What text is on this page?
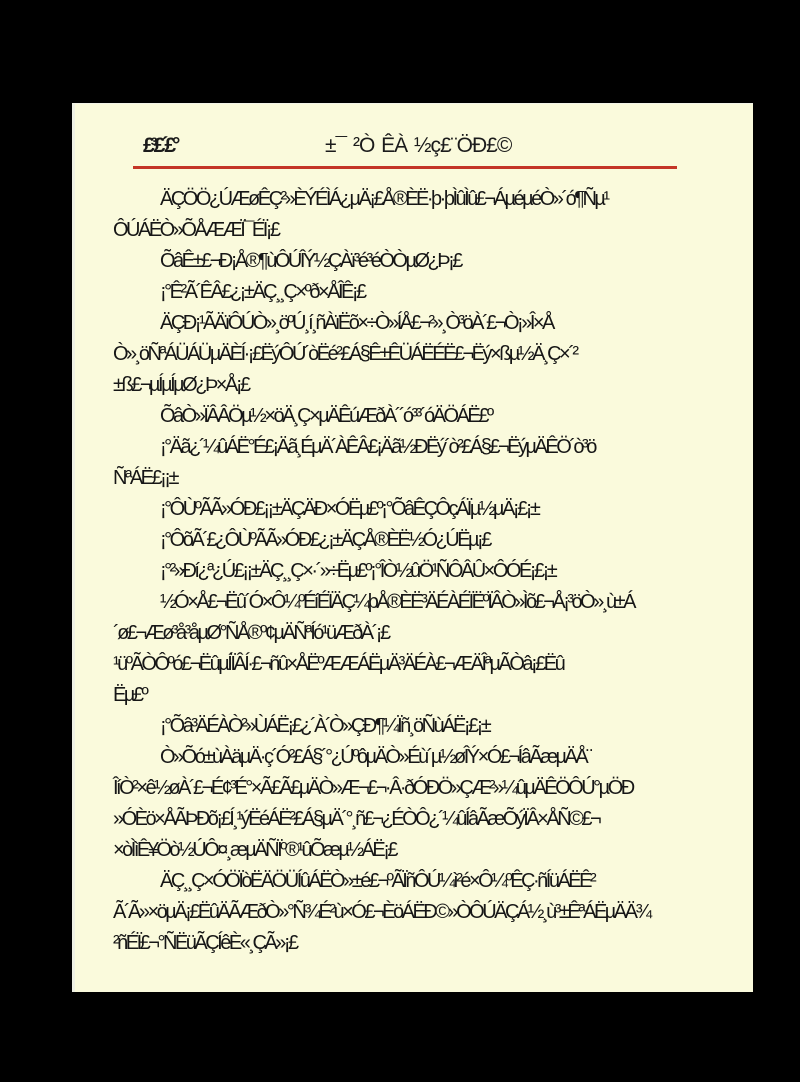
£³£´£°	±¯ ²Ò ÊÀ ½ç£¨ÖÐ£©
ÄÇÖÖ¿ÚÆøÊÇ²»ÈÝÉÌÁ¿µÄ¡£Å®ÈË·þ·þÌûÌû£¬ÁµéµéÒ»´ó¶Ñµ¹
ÔÚÁËÒ»ÕÅÆÆÏ¯ÉÏ¡£
ÕâÊ±£¬Ð¡Å®¶ùÔÚÎÝ½ÇÀï³é³éÒÒµØ¿Þ¡£
¡°Ê²Ã´ÊÂ£¿¡±ÄÇ¸¸Ç×ºð×ÅÎÊ¡£
ÄÇÐ¡¹ÃÄïÔÚÒ»¸öºÚ¸í¸ñÀïËõ×÷Ò»ÍÅ£¬²»¸Ò³öÀ´£¬Ò¡»Î×Å
Ò»¸öÑªÁÜÁÜµÄÈÍ·¡£ËýÔÚ´òËé²£Á§Ê±ÊÜÁËÉË£¬Ëý×ßµ½Ä¸Ç×´²
±ß£¬µÍµÍµØ¿Þ×Å¡£
ÕâÒ»ÏÂÂÖµ½×öÄ¸Ç×µÄÊúÆðÀ´´ó³³´óÄÖÁË£º
¡°Äã¿´¼ûÁË°É£¡Äã¸ÉµÄ´ÀÊÂ£¡Äã½ÐËý´ò²£Á§£¬ËýµÄÊÖ´ò³ö
ÑªÁË£¡¡±
¡°ÔÙºÃÃ»ÓÐ£¡¡±ÄÇÄÐ×ÓËµ£º¡°ÕâÊÇÔçÁÏµ½µÄ¡£¡±
¡°ÔõÃ´£¿ÔÙºÃÃ»ÓÐ£¿¡±ÄÇÅ®ÈË½Ó¿ÚËµ¡£
¡°²»Ðí¿ª¿Ú£¡¡±ÄÇ¸¸Ç×·´»÷Ëµ£º¡°ÎÒ½ûÖ¹ÑÔÂÛ×ÔÓÉ¡£¡±
½Ó×Å£¬Ëû´Ó×Ô¼ºÉíÉÏÄÇ¼þÅ®ÈË³ÄÉÀÉÏËºÏÂÒ»Ìõ£¬Å¡³öÒ»¸ù±Á
´ø£¬Æø³å³åµØ°ÑÅ®º¢µÄÑªÍó¹üÆðÀ´¡£
¹üºÃÒÔºó£¬ËûµÍÏÂÍ·£¬ñû×ÅËºÆÆÁËµÄ³ÄÉÀ£¬ÆÄÎªµÃÒâ¡£Ëû
Ëµ£º
¡°Õâ³ÄÉÀÒ²»ÙÁË¡£¿´À´Ò»ÇÐ¶¼Ïñ¸öÑùÁË¡£¡±
Ò»Õó±ùÀäµÄ·ç´Ó²£Á§´°¿ÚºôµÄÒ»Éù´µ½øÎÝ×Ó£¬ÍâÃæµÄÅ¨
ÎíÒ²×ê½øÀ´£¬É¢³É°×Ã£Ã£µÄÒ»Æ¬£¬·Â·ðÓÐÖ»ÇÆ²»¼ûµÄÊÖÔÚ°µÖÐ
»ÓÈö×ÅÃÞÐõ¡£Í¸¹ýËéÁË²£Á§µÄ´°¸ñ£¬¿ÉÒÔ¿´¼ûÍâÃæÕýÏÂ×ÅÑ©£¬
×òÌìÊ¥Öò½ÚÔ¤¸æµÄÑÏº®¹ûÕæµ½ÁË¡£
ÄÇ¸¸Ç×ÓÖÏòËÄÖÜÍûÁËÒ»±é£¬ºÃÏñÔÚ¼ì²é×Ô¼ºÊÇ·ñÍüÁËÊ²
Ã´Ã»×öµÄ¡£ËûÄÃÆðÒ»°Ñ¾É²ù×Ó£¬ÈöÁËÐ©»ÒÔÚÄÇÁ½¸ù³±ÊªÁËµÄÄ¾
²ñÉÏ£¬°ÑËüÃÇÍêÈ«¸ÇÃ»¡£
